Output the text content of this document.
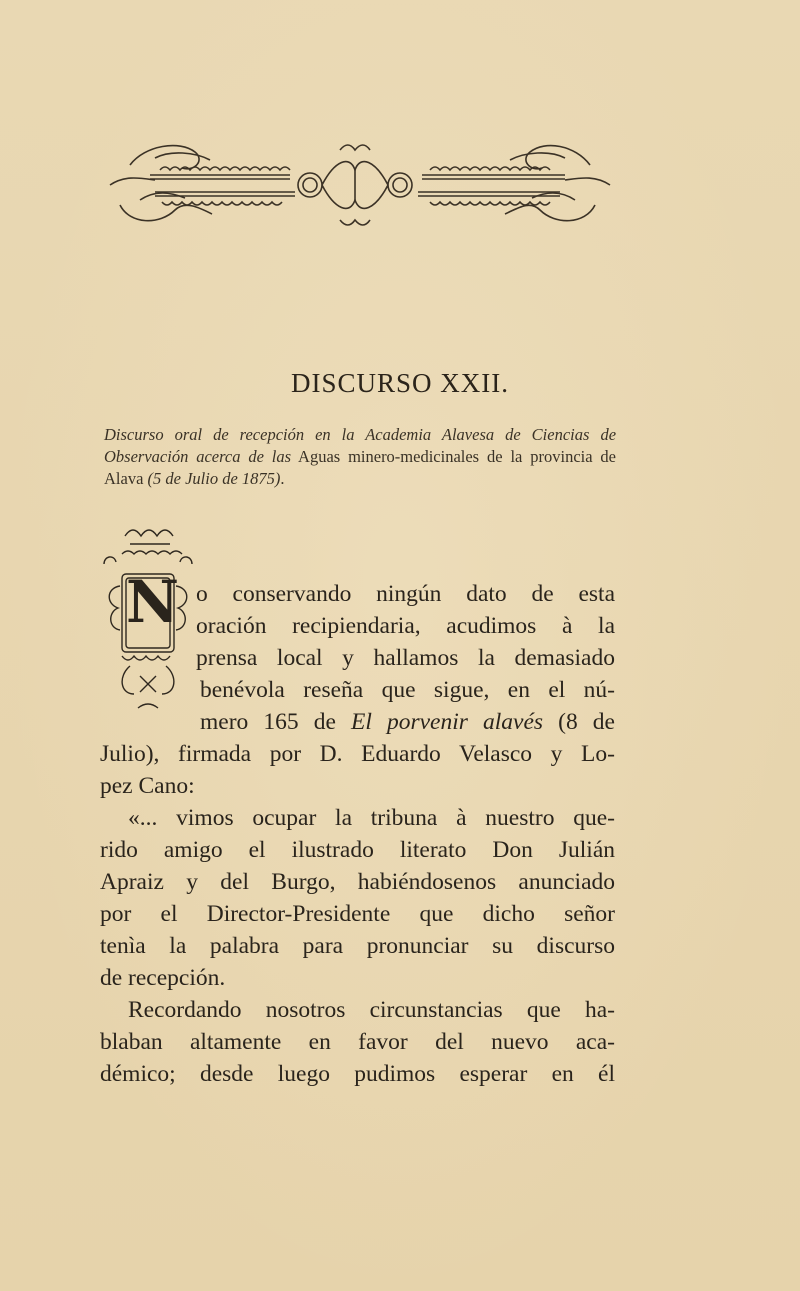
DISCURSO XXII.
Discurso oral de recepción en la Academia Alavesa de Ciencias de Observación acerca de las Aguas minero-medicinales de la provincia de Alava (5 de Julio de 1875).
N o conservando ningún dato de esta
oración recipiendaria, acudimos à la
prensa local y hallamos la demasiado
benévola reseña que sigue, en el nú-
mero 165 de El porvenir alavés (8 de
Julio), firmada por D. Eduardo Velasco y Lo-
pez Cano:
«... vimos ocupar la tribuna à nuestro que-
rido amigo el ilustrado literato Don Julián
Apraiz y del Burgo, habiéndosenos anunciado
por el Director-Presidente que dicho señor
tenìa la palabra para pronunciar su discurso
de recepción.
Recordando nosotros circunstancias que ha-
blaban altamente en favor del nuevo aca-
démico; desde luego pudimos esperar en él
